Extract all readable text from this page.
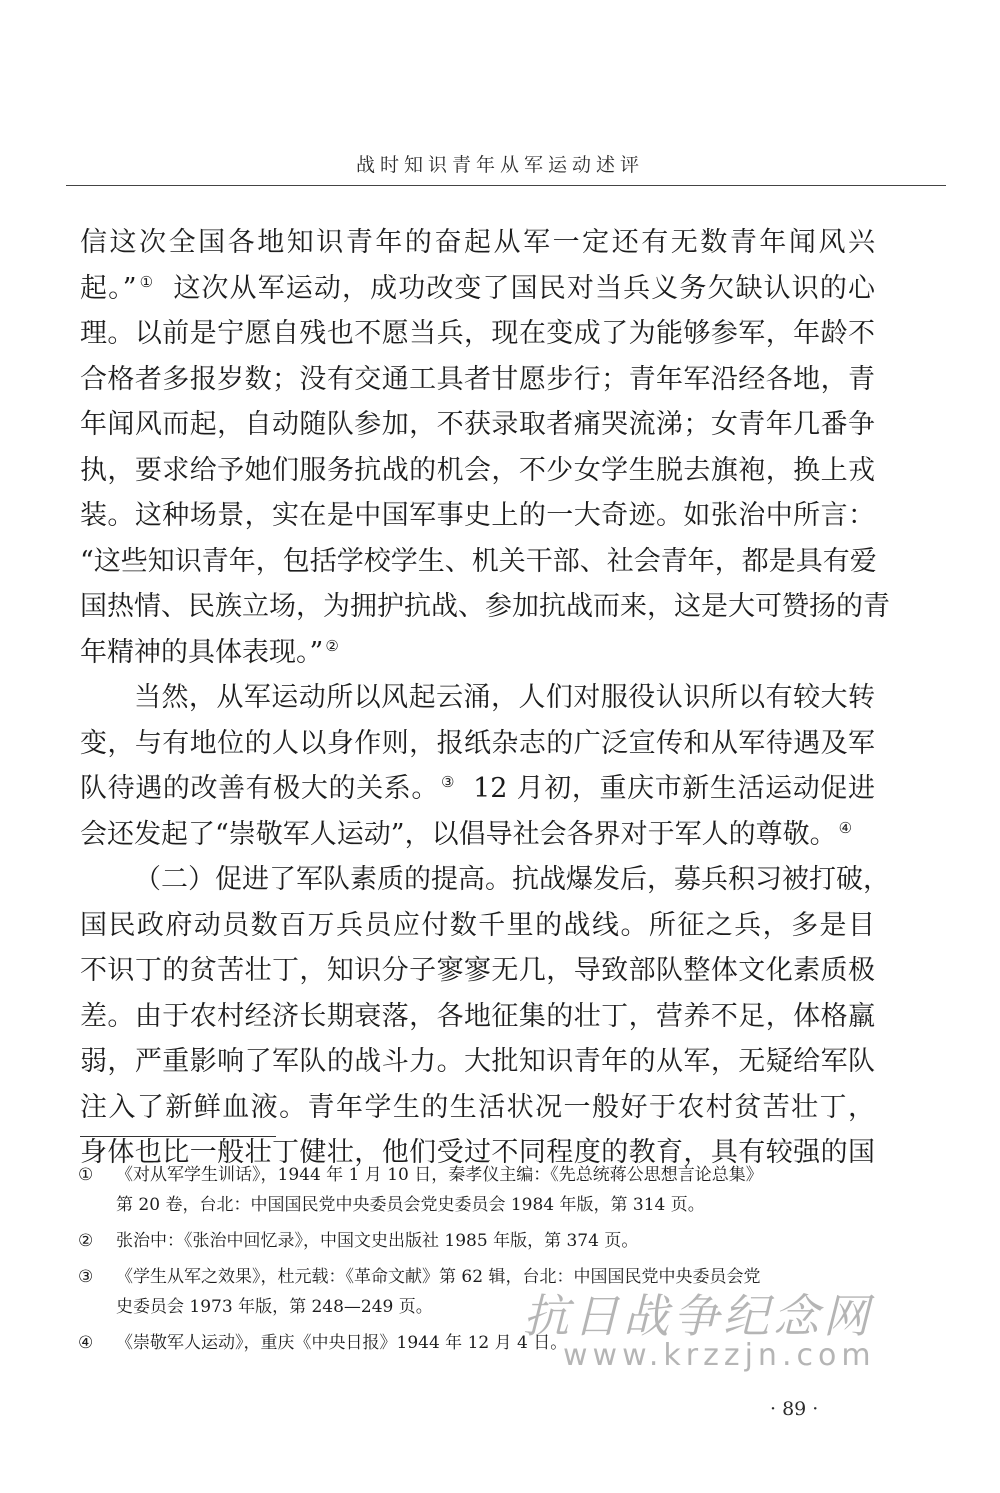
战时知识青年从军运动述评
信这次全国各地知识青年的奋起从军一定还有无数青年闻风兴
起。” ① 这次从军运动，成功改变了国民对当兵义务欠缺认识的心
理。以前是宁愿自残也不愿当兵，现在变成了为能够参军，年龄不
合格者多报岁数；没有交通工具者甘愿步行；青年军沿经各地，青
年闻风而起，自动随队参加，不获录取者痛哭流涕；女青年几番争
执，要求给予她们服务抗战的机会，不少女学生脱去旗袍，换上戎
装。这种场景，实在是中国军事史上的一大奇迹。如张治中所言：
“这些知识青年，包括学校学生、机关干部、社会青年，都是具有爱
国热情、民族立场，为拥护抗战、参加抗战而来，这是大可赞扬的青
年精神的具体表现。” ②
当然，从军运动所以风起云涌，人们对服役认识所以有较大转
变，与有地位的人以身作则，报纸杂志的广泛宣传和从军待遇及军
队待遇的改善有极大的关系。 ③ 12 月初，重庆市新生活运动促进
会还发起了“崇敬军人运动”，以倡导社会各界对于军人的尊敬。 ④
（二）促进了军队素质的提高。抗战爆发后，募兵积习被打破，
国民政府动员数百万兵员应付数千里的战线。所征之兵，多是目
不识丁的贫苦壮丁，知识分子寥寥无几，导致部队整体文化素质极
差。由于农村经济长期衰落，各地征集的壮丁，营养不足，体格羸
弱，严重影响了军队的战斗力。大批知识青年的从军，无疑给军队
注入了新鲜血液。青年学生的生活状况一般好于农村贫苦壮丁，
身体也比一般壮丁健壮，他们受过不同程度的教育，具有较强的国
① 《对从军学生训话》，1944 年 1 月 10 日，秦孝仪主编：《先总统蒋公思想言论总集》
第 20 卷，台北：中国国民党中央委员会党史委员会 1984 年版，第 314 页。
② 张治中：《张治中回忆录》，中国文史出版社 1985 年版，第 374 页。
③ 《学生从军之效果》，杜元载：《革命文献》第 62 辑，台北：中国国民党中央委员会党
史委员会 1973 年版，第 248—249 页。
④ 《崇敬军人运动》，重庆《中央日报》1944 年 12 月 4 日。
抗日战争纪念网
www.krzzjn.com
· 89 ·
